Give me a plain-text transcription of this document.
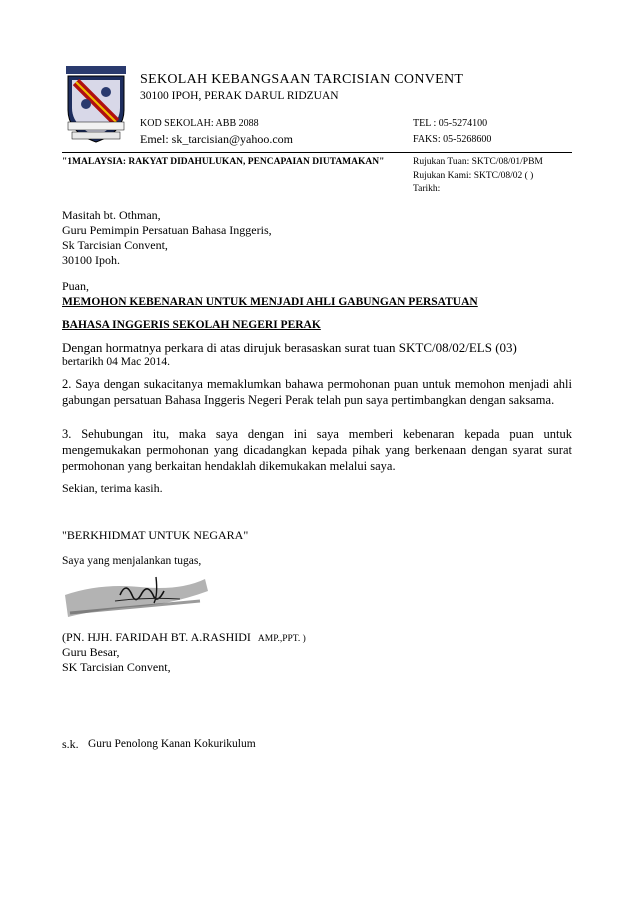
SEKOLAH KEBANGSAAN TARCISIAN CONVENT
30100 IPOH, PERAK DARUL RIDZUAN
KOD SEKOLAH: ABB 2088
Emel: sk_tarcisian@yahoo.com
TEL : 05-5274100
FAKS: 05-5268600
"1MALAYSIA: RAKYAT DIDAHULUKAN, PENCAPAIAN DIUTAMAKAN"	Rujukan Tuan: SKTC/08/01/PBM
Rujukan Kami: SKTC/08/02 ( )
Tarikh:
Masitah bt. Othman,
Guru Pemimpin Persatuan Bahasa Inggeris,
Sk Tarcisian Convent,
30100 Ipoh.
Puan,
MEMOHON KEBENARAN UNTUK MENJADI AHLI GABUNGAN PERSATUAN
BAHASA INGGERIS SEKOLAH NEGERI PERAK
Dengan hormatnya perkara di atas dirujuk berasaskan surat tuan SKTC/08/02/ELS (03)
bertarikh 04 Mac 2014.
2. Saya dengan sukacitanya memaklumkan bahawa permohonan puan untuk memohon menjadi ahli gabungan persatuan Bahasa Inggeris Negeri Perak telah pun saya pertimbangkan dengan saksama.
3. Sehubungan itu, maka saya dengan ini saya memberi kebenaran kepada puan untuk mengemukakan permohonan yang dicadangkan kepada pihak yang berkenaan dengan syarat surat permohonan yang berkaitan hendaklah dikemukakan melalui saya.
Sekian, terima kasih.
"BERKHIDMAT UNTUK NEGARA"
Saya yang menjalankan tugas,
(PN. HJH. FARIDAH BT. A.RASHIDI AMP.,PPT. )
Guru Besar,
SK Tarcisian Convent,
s.k. Guru Penolong Kanan Kokurikulum
